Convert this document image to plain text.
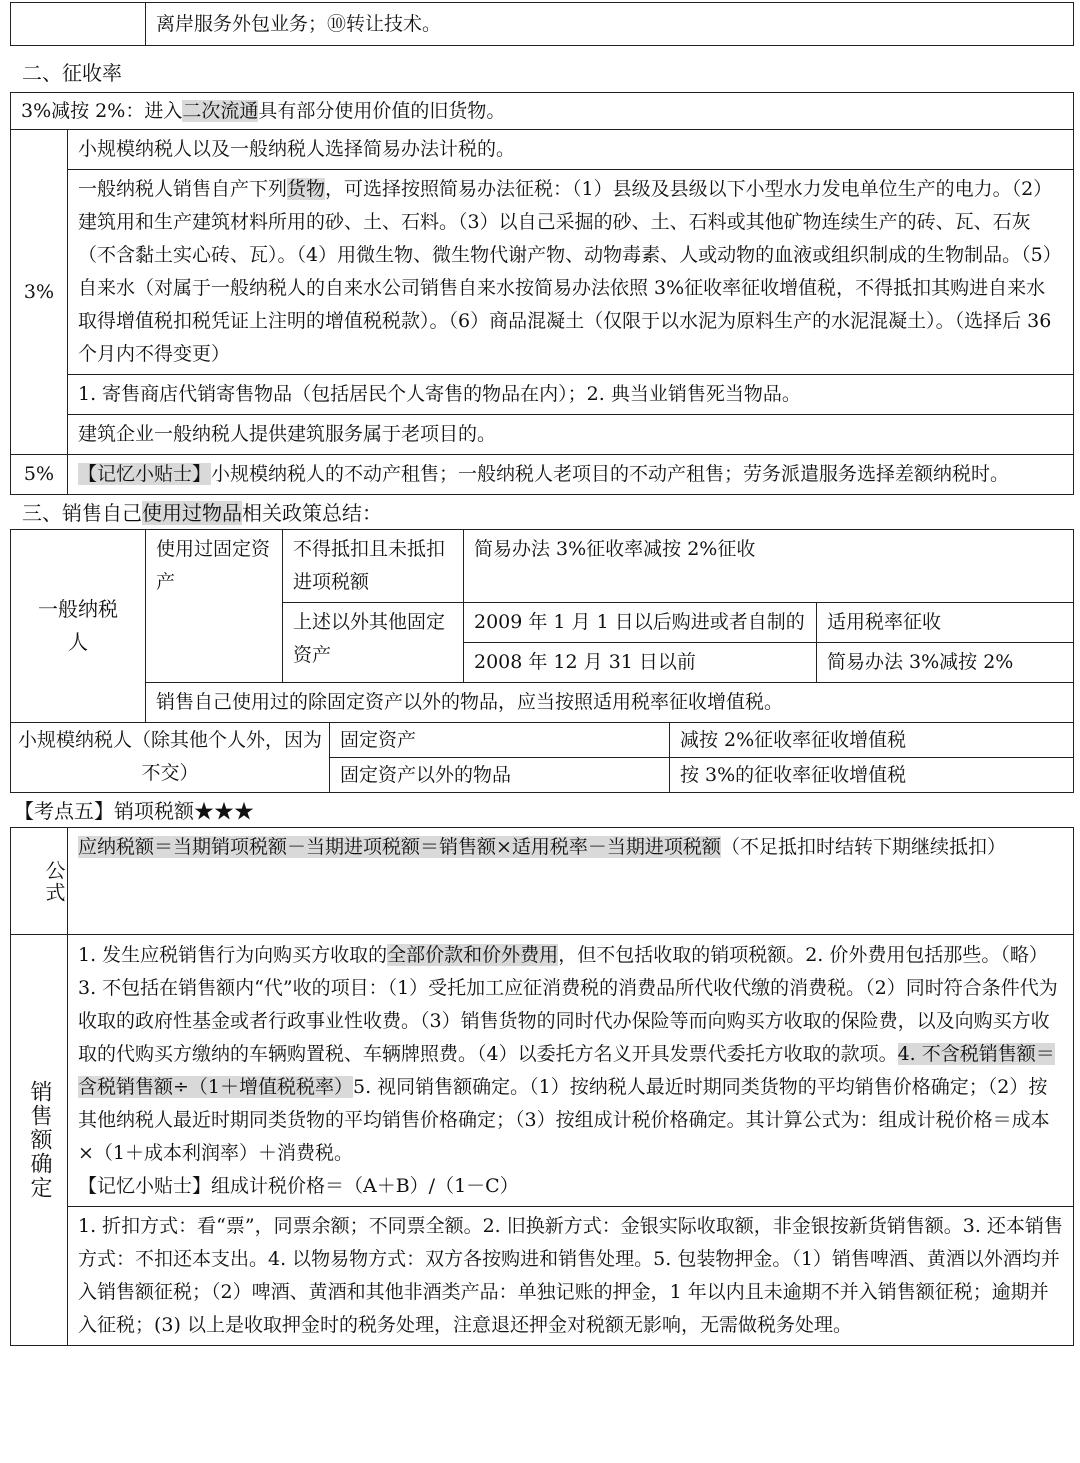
	离岸服务外包业务；⑩转让技术。
二、征收率
3%减按 2%：进入二次流通具有部分使用价值的旧货物。	
3%	小规模纳税人以及一般纳税人选择简易办法计税的。
	一般纳税人销售自产下列货物，可选择按照简易办法征税：（1）县级及县级以下小型水力发电单位生产的电力。（2）建筑用和生产建筑材料所用的砂、土、石料。（3）以自己采掘的砂、土、石料或其他矿物连续生产的砖、瓦、石灰（不含黏土实心砖、瓦）。（4）用微生物、微生物代谢产物、动物毒素、人或动物的血液或组织制成的生物制品。（5）自来水（对属于一般纳税人的自来水公司销售自来水按简易办法依照 3%征收率征收增值税，不得抵扣其购进自来水取得增值税扣税凭证上注明的增值税税款）。（6）商品混凝土（仅限于以水泥为原料生产的水泥混凝土）。（选择后 36 个月内不得变更）
	1. 寄售商店代销寄售物品（包括居民个人寄售的物品在内）；2. 典当业销售死当物品。
	建筑企业一般纳税人提供建筑服务属于老项目的。
5%	【记忆小贴士】小规模纳税人的不动产租售；一般纳税人老项目的不动产租售；劳务派遣服务选择差额纳税时。
三、销售自己使用过物品相关政策总结：
一般纳税人	使用过固定资产	不得抵扣且未抵扣进项税额	简易办法 3%征收率减按 2%征收	
		上述以外其他固定资产	2009 年 1 月 1 日以后购进或者自制的	适用税率征收
			2008 年 12 月 31 日以前	简易办法 3%减按 2%
	销售自己使用过的除固定资产以外的物品，应当按照适用税率征收增值税。			
小规模纳税人（除其他个人外，因为不交）	固定资产	减按 2%征收率征收增值税
	固定资产以外的物品	按 3%的征收率征收增值税
【考点五】销项税额★★★
公式	应纳税额＝当期销项税额－当期进项税额＝销售额×适用税率－当期进项税额（不足抵扣时结转下期继续抵扣）
销售额确定	1. 发生应税销售行为向购买方收取的全部价款和价外费用，但不包括收取的销项税额。2. 价外费用包括那些。（略）3. 不包括在销售额内“代”收的项目：（1）受托加工应征消费税的消费品所代收代缴的消费税。（2）同时符合条件代为收取的政府性基金或者行政事业性收费。（3）销售货物的同时代办保险等而向购买方收取的保险费，以及向购买方收取的代购买方缴纳的车辆购置税、车辆牌照费。（4）以委托方名义开具发票代委托方收取的款项。4. 不含税销售额＝含税销售额÷（1＋增值税税率）5. 视同销售额确定。（1）按纳税人最近时期同类货物的平均销售价格确定；（2）按其他纳税人最近时期同类货物的平均销售价格确定；（3）按组成计税价格确定。其计算公式为：组成计税价格＝成本×（1＋成本利润率）＋消费税。
【记忆小贴士】组成计税价格＝（A＋B）/（1－C）
	1. 折扣方式：看“票”，同票余额；不同票全额。2. 旧换新方式：金银实际收取额，非金银按新货销售额。3. 还本销售方式：不扣还本支出。4. 以物易物方式：双方各按购进和销售处理。5. 包装物押金。（1）销售啤酒、黄酒以外酒均并入销售额征税；（2）啤酒、黄酒和其他非酒类产品：单独记账的押金，1 年以内且未逾期不并入销售额征税；逾期并入征税；(3) 以上是收取押金时的税务处理，注意退还押金对税额无影响，无需做税务处理。
